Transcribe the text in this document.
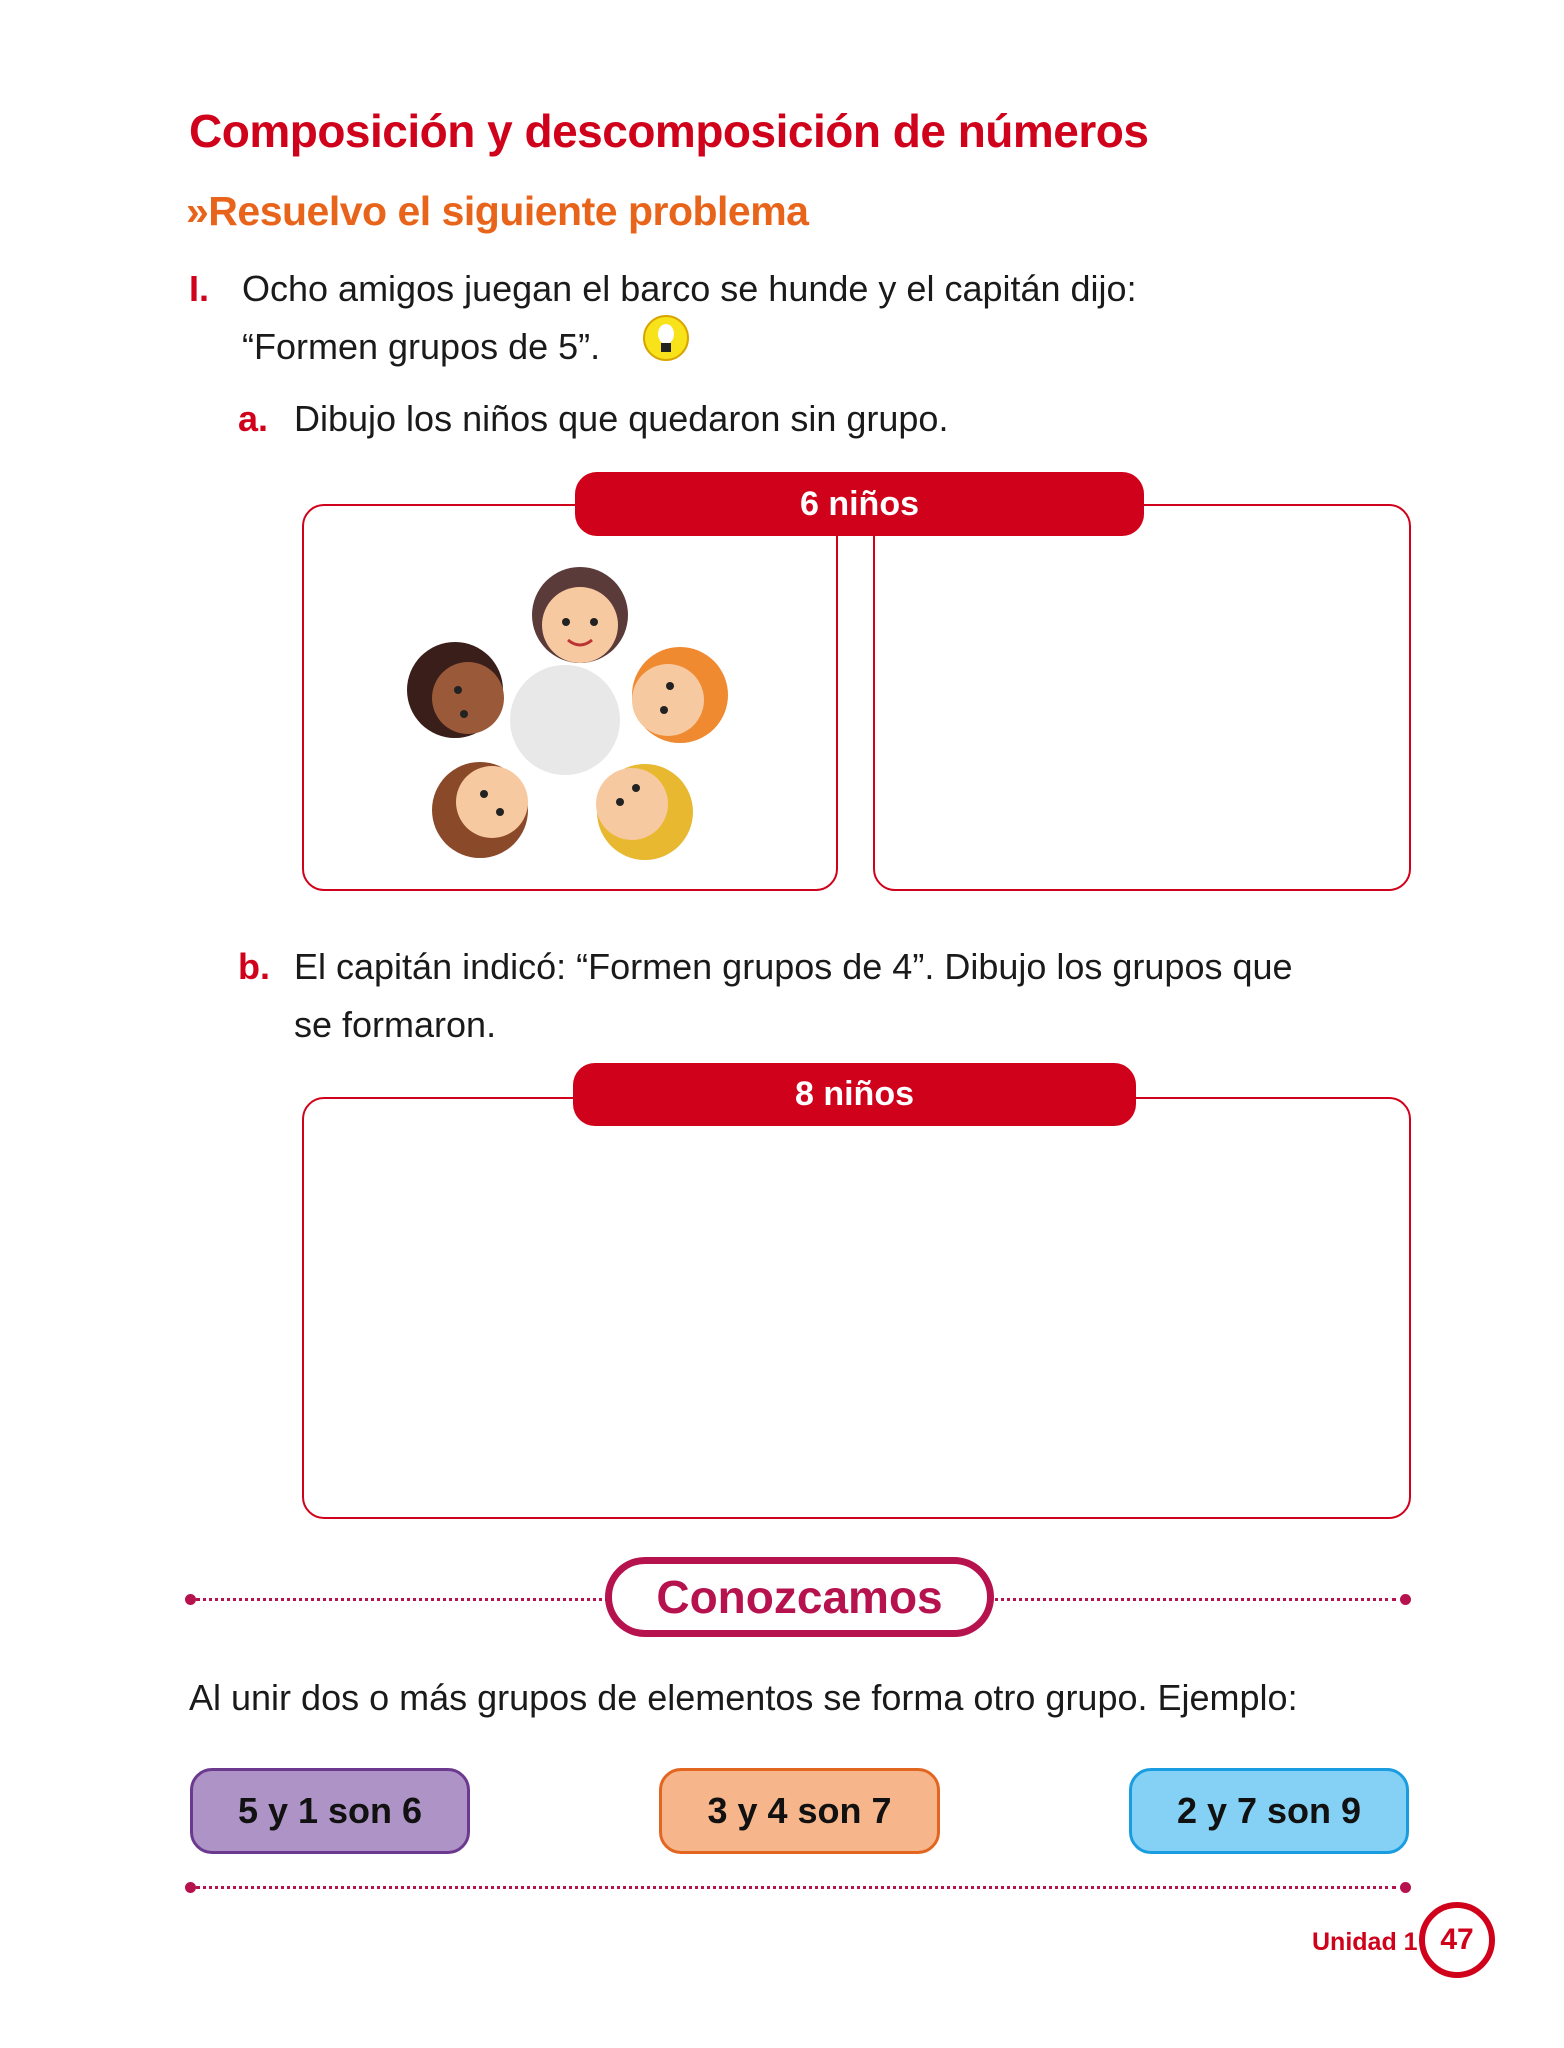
Composición y descomposición de números
»Resuelvo el siguiente problema
I. Ocho amigos juegan el barco se hunde y el capitán dijo:
“Formen grupos de 5”.
a. Dibujo los niños que quedaron sin grupo.
6 niños
b. El capitán indicó: “Formen grupos de 4”. Dibujo los grupos que
se formaron.
8 niños
Conozcamos
Al unir dos o más grupos de elementos se forma otro grupo. Ejemplo:
5 y 1 son 6	3 y 4 son 7	2 y 7 son 9
Unidad 1 47
